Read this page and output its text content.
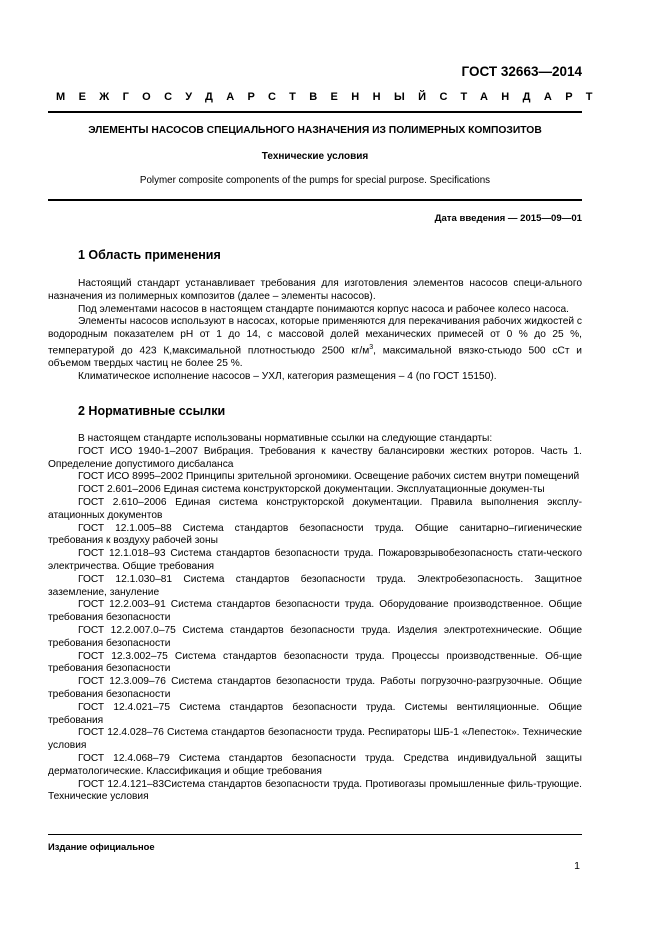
ГОСТ 32663—2014
МЕЖГОСУДАРСТВЕННЫЙ СТАНДАРТ
ЭЛЕМЕНТЫ НАСОСОВ СПЕЦИАЛЬНОГО НАЗНАЧЕНИЯ ИЗ ПОЛИМЕРНЫХ КОМПОЗИТОВ
Технические условия
Polymer composite components of the pumps for special purpose. Specifications
Дата введения — 2015—09—01
1 Область применения

Настоящий стандарт устанавливает требования для изготовления элементов насосов специ-ального назначения из полимерных композитов (далее – элементы насосов).

Под элементами насосов в настоящем стандарте понимаются корпус насоса и рабочее колесо насоса.

Элементы насосов используют в насосах, которые применяются для перекачивания рабочих жидкостей с водородным показателем pH от 1 до 14, с массовой долей механических примесей от 0 % до 25 %, температурой до 423 К,максимальной плотностьюдо 2500 $кг/м^3$, максимальной вязко-стьюдо 500 сСт и объемом твердых частиц не более 25 %.

Климатическое исполнение насосов – УХЛ, категория размещения – 4 (по ГОСТ 15150).

2 Нормативные ссылки

В настоящем стандарте использованы нормативные ссылки на следующие стандарты:

ГОСТ ИСО 1940-1–2007 Вибрация. Требования к качеству балансировки жестких роторов. Часть 1. Определение допустимого дисбаланса

ГОСТ ИСО 8995–2002 Принципы зрительной эргономики. Освещение рабочих систем внутри помещений

ГОСТ 2.601–2006 Единая система конструкторской документации. Эксплуатационные докумен-ты

ГОСТ 2.610–2006 Единая система конструкторской документации. Правила выполнения эксплу-атационных документов

ГОСТ 12.1.005–88 Система стандартов безопасности труда. Общие санитарно–гигиенические требования к воздуху рабочей зоны

ГОСТ 12.1.018–93 Система стандартов безопасности труда. Пожаровзрывобезопасность стати-ческого электричества. Общие требования

ГОСТ 12.1.030–81 Система стандартов безопасности труда. Электробезопасность. Защитное заземление, зануление

ГОСТ 12.2.003–91 Система стандартов безопасности труда. Оборудование производственное. Общие требования безопасности

ГОСТ 12.2.007.0–75 Система стандартов безопасности труда. Изделия электротехнические. Общие требования безопасности

ГОСТ 12.3.002–75 Система стандартов безопасности труда. Процессы производственные. Об-щие требования безопасности

ГОСТ 12.3.009–76 Система стандартов безопасности труда. Работы погрузочно-разгрузочные. Общие требования безопасности

ГОСТ 12.4.021–75 Система стандартов безопасности труда. Системы вентиляционные. Общие требования

ГОСТ 12.4.028–76 Система стандартов безопасности труда. Респираторы ШБ-1 «Лепесток». Технические условия

ГОСТ 12.4.068–79 Система стандартов безопасности труда. Средства индивидуальной защиты дерматологические. Классификация и общие требования

ГОСТ 12.4.121–83Система стандартов безопасности труда. Противогазы промышленные филь-трующие. Технические условия

Издание официальное
1
